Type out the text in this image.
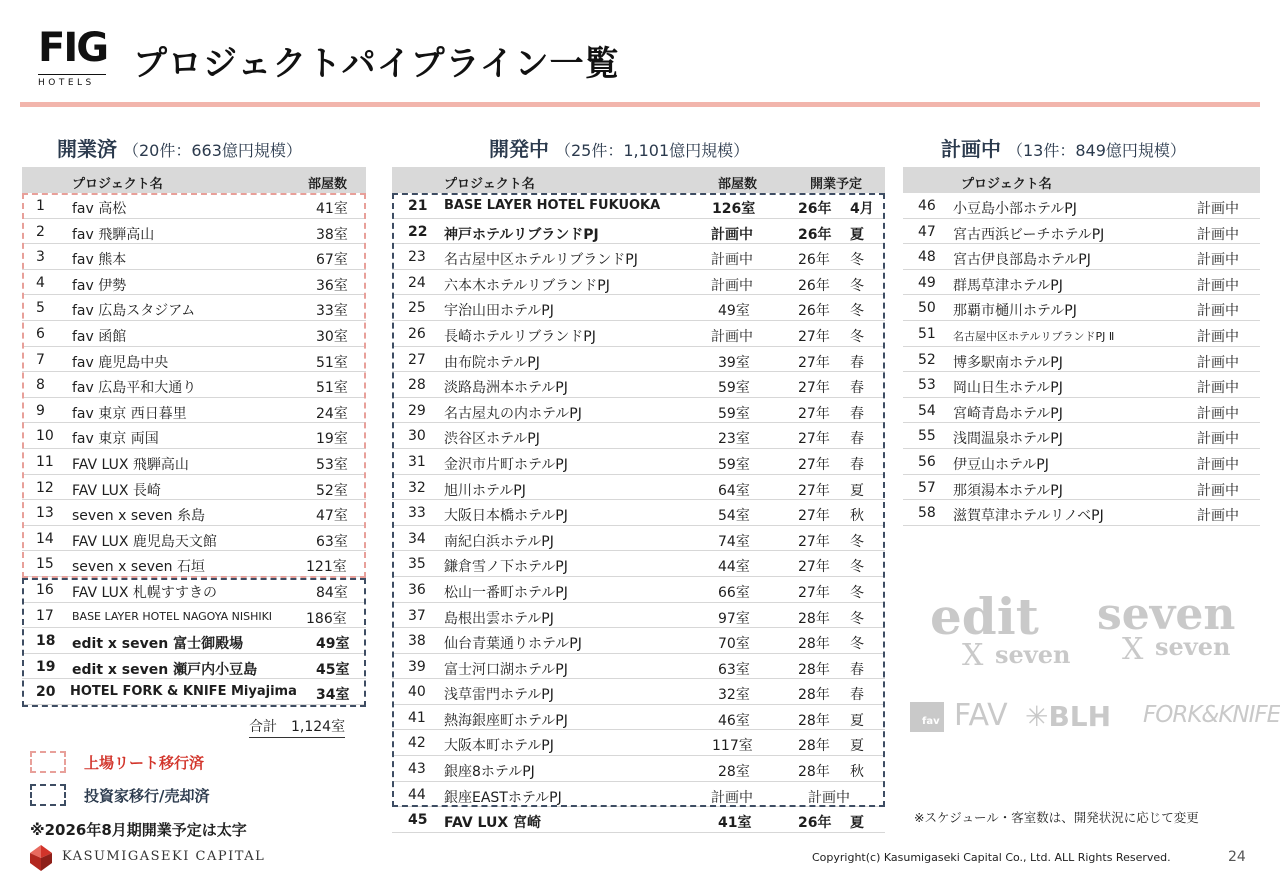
FIG
HOTELS	プロジェクトパイプライン一覧
開業済 （20件：663億円規模）	開発中 （25件：1,101億円規模）	計画中 （13件：849億円規模）
プロジェクト名	部屋数
1 fav 高松	41室
2 fav 飛騨高山	38室
3 fav 熊本	67室
4 fav 伊勢	36室
5 fav 広島スタジアム	33室
6 fav 函館	30室
7 fav 鹿児島中央	51室
8 fav 広島平和大通り	51室
9 fav 東京 西日暮里	24室
10 fav 東京 両国	19室
11 FAV LUX 飛騨高山	53室
12 FAV LUX 長崎	52室
13 seven x seven 糸島	47室
14 FAV LUX 鹿児島天文館	63室
15 seven x seven 石垣	121室
16 FAV LUX 札幌すすきの	84室
17 BASE LAYER HOTEL NAGOYA NISHIKI 186室
18 edit x seven 富士御殿場	49室
19 edit x seven 瀬戸内小豆島	45室
20 HOTEL FORK & KNIFE Miyajima 34室
合計　1,124室
プロジェクト名	部屋数	開業予定
21 BASE LAYER HOTEL FUKUOKA	126室	26年 4月
22 神戸ホテルリブランドPJ	計画中	26年 夏
23 名古屋中区ホテルリブランドPJ	計画中	26年 冬
24 六本木ホテルリブランドPJ	計画中	26年 冬
25 宇治山田ホテルPJ	49室	26年 冬
26 長崎ホテルリブランドPJ	計画中	27年 冬
27 由布院ホテルPJ	39室	27年 春
28 淡路島洲本ホテルPJ	59室	27年 春
29 名古屋丸の内ホテルPJ	59室	27年 春
30 渋谷区ホテルPJ	23室	27年 春
31 金沢市片町ホテルPJ	59室	27年 春
32 旭川ホテルPJ	64室	27年 夏
33 大阪日本橋ホテルPJ	54室	27年 秋
34 南紀白浜ホテルPJ	74室	27年 冬
35 鎌倉雪ノ下ホテルPJ	44室	27年 冬
36 松山一番町ホテルPJ	66室	27年 冬
37 島根出雲ホテルPJ	97室	28年 冬
38 仙台青葉通りホテルPJ	70室	28年 冬
39 富士河口湖ホテルPJ	63室	28年 春
40 浅草雷門ホテルPJ	32室	28年 春
41 熱海銀座町ホテルPJ	46室	28年 夏
42 大阪本町ホテルPJ	117室	28年 夏
43 銀座8ホテルPJ	28室	28年 秋
44 銀座EASTホテルPJ	計画中	計画中
45 FAV LUX 宮崎	41室	26年 夏
プロジェクト名
46 小豆島小部ホテルPJ	計画中
47 宮古西浜ビーチホテルPJ	計画中
48 宮古伊良部島ホテルPJ	計画中
49 群馬草津ホテルPJ	計画中
50 那覇市樋川ホテルPJ	計画中
51 名古屋中区ホテルリブランドPJ Ⅱ	計画中
52 博多駅南ホテルPJ	計画中
53 岡山日生ホテルPJ	計画中
54 宮崎青島ホテルPJ	計画中
55 浅間温泉ホテルPJ	計画中
56 伊豆山ホテルPJ	計画中
57 那須湯本ホテルPJ	計画中
58 滋賀草津ホテルリノベPJ	計画中
edit
X seven
seven
X seven
fav FAV ✳BLH FORK&KNIFE
上場リート移行済
投資家移行/売却済
※2026年8月期開業予定は太字
KASUMIGASEKI CAPITAL
※スケジュール・客室数は、開発状況に応じて変更
Copyright(c) Kasumigaseki Capital Co., Ltd. ALL Rights Reserved.	24
